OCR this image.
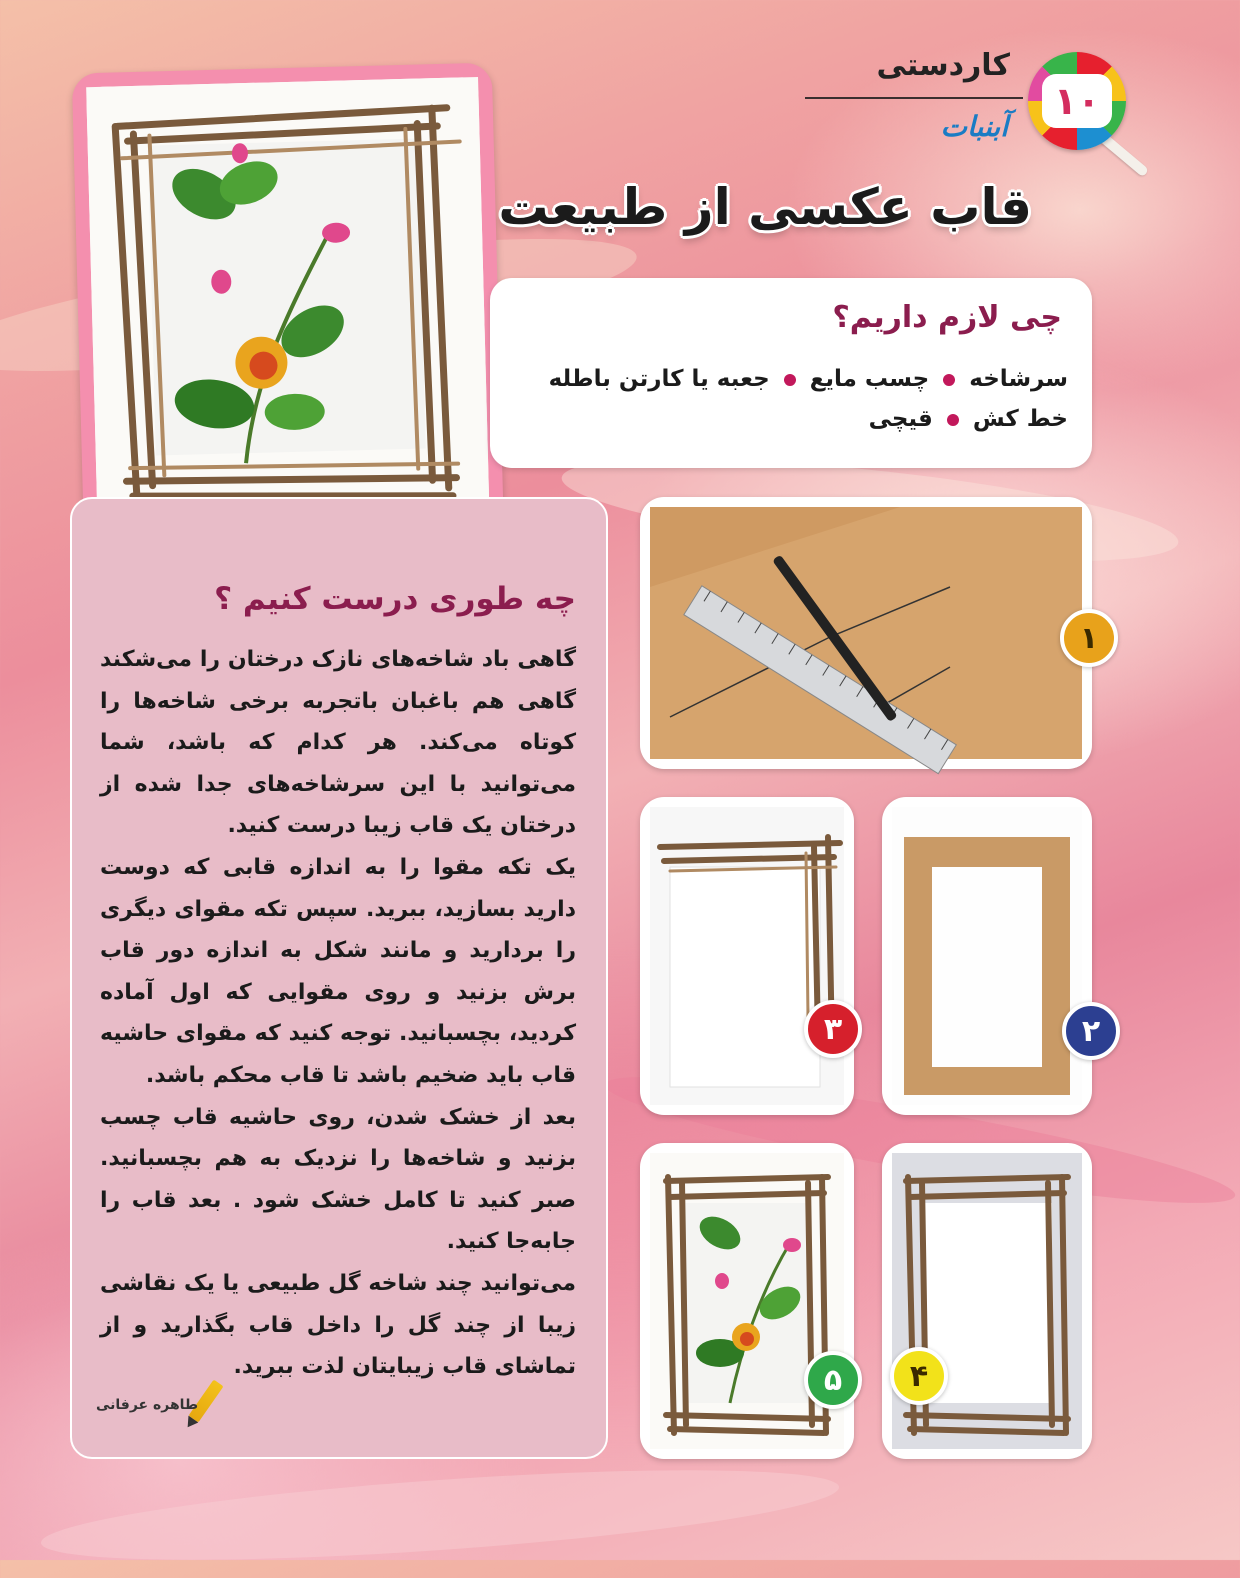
۱۰
کاردستی
آبنبات
قاب عکسی از طبیعت
چی لازم داریم؟
سرشاخه  چسب مایع  جعبه یا کارتن باطله
خط کش  قیچی
چه طوری درست کنیم ؟

گاهی باد شاخه‌های نازک درختان را می‌شکند گاهی هم باغبان باتجربه برخی شاخه‌ها را کوتاه می‌کند. هر کدام که باشد، شما می‌توانید با این سرشاخه‌های جدا شده از درختان یک قاب زیبا درست کنید.

یک تکه مقوا را به اندازه قابی که دوست دارید بسازید، ببرید. سپس تکه مقوای دیگری را بردارید و مانند شکل به اندازه دور قاب برش بزنید و روی مقوایی که اول آماده کردید، بچسبانید. توجه کنید که مقوای حاشیه قاب باید ضخیم باشد تا قاب محکم باشد.

بعد از خشک شدن، روی حاشیه قاب چسب بزنید و شاخه‌ها را نزدیک به هم بچسبانید. صبر کنید تا کامل خشک شود . بعد قاب را جابه‌جا کنید.

می‌توانید چند شاخه گل طبیعی یا یک نقاشی زیبا از چند گل را داخل قاب بگذارید و از تماشای قاب زیبایتان لذت ببرید.

طاهره عرفانی
۱
۲
۳
۴
۵
